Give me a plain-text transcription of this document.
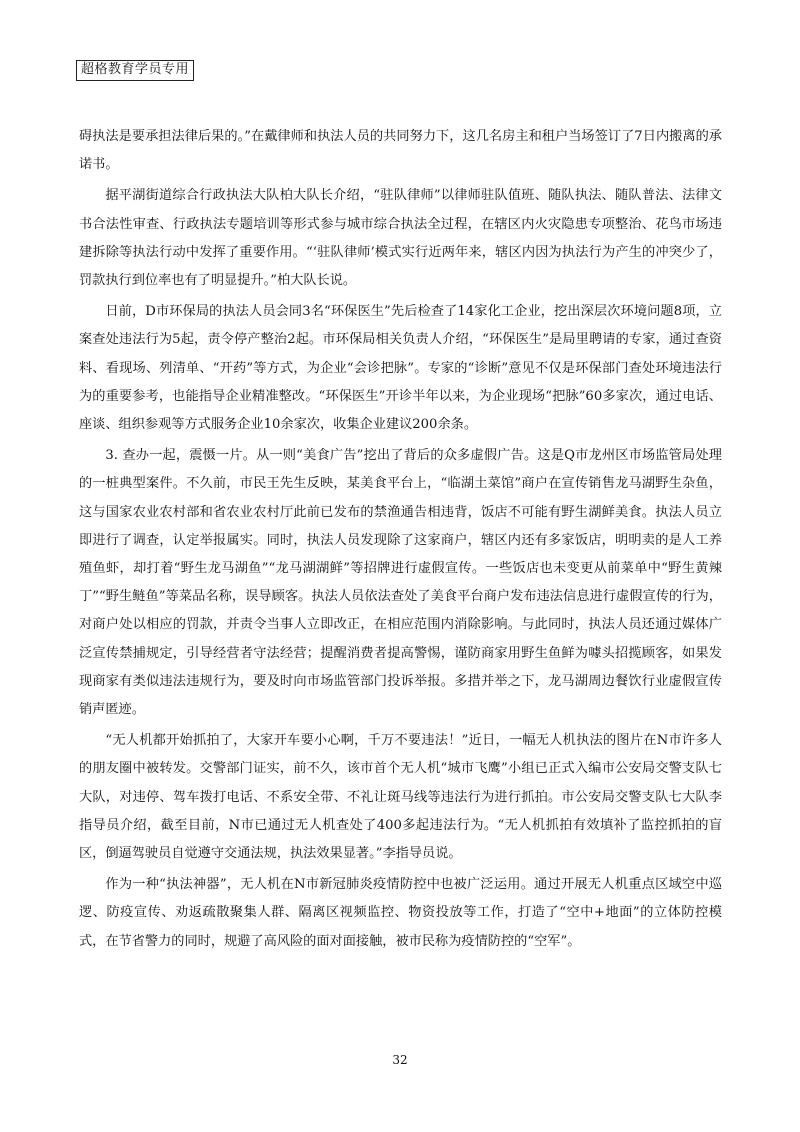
超格教育学员专用

碍执法是要承担法律后果的。”在戴律师和执法人员的共同努力下，这几名房主和租户当场签订了7日内搬离的承诺书。

据平湖街道综合行政执法大队柏大队长介绍，“驻队律师”以律师驻队值班、随队执法、随队普法、法律文书合法性审查、行政执法专题培训等形式参与城市综合执法全过程，在辖区内火灾隐患专项整治、花鸟市场违建拆除等执法行动中发挥了重要作用。“‘驻队律师’模式实行近两年来，辖区内因为执法行为产生的冲突少了，罚款执行到位率也有了明显提升。”柏大队长说。

日前，D市环保局的执法人员会同3名“环保医生”先后检查了14家化工企业，挖出深层次环境问题8项，立案查处违法行为5起，责令停产整治2起。市环保局相关负责人介绍，“环保医生”是局里聘请的专家，通过查资料、看现场、列清单、“开药”等方式，为企业“会诊把脉”。专家的“诊断”意见不仅是环保部门查处环境违法行为的重要参考，也能指导企业精准整改。“环保医生”开诊半年以来，为企业现场“把脉”60多家次，通过电话、座谈、组织参观等方式服务企业10余家次，收集企业建议200余条。

3. 查办一起，震慑一片。从一则“美食广告”挖出了背后的众多虚假广告。这是Q市龙州区市场监管局处理的一桩典型案件。不久前，市民王先生反映，某美食平台上，“临湖土菜馆”商户在宣传销售龙马湖野生杂鱼，这与国家农业农村部和省农业农村厅此前已发布的禁渔通告相违背，饭店不可能有野生湖鲜美食。执法人员立即进行了调查，认定举报属实。同时，执法人员发现除了这家商户，辖区内还有多家饭店，明明卖的是人工养殖鱼虾，却打着“野生龙马湖鱼”“龙马湖湖鲜”等招牌进行虚假宣传。一些饭店也未变更从前菜单中“野生黄辣丁”“野生鲢鱼”等菜品名称，误导顾客。执法人员依法查处了美食平台商户发布违法信息进行虚假宣传的行为，对商户处以相应的罚款，并责令当事人立即改正，在相应范围内消除影响。与此同时，执法人员还通过媒体广泛宣传禁捕规定，引导经营者守法经营；提醒消费者提高警惕，谨防商家用野生鱼鲜为噱头招揽顾客，如果发现商家有类似违法违规行为，要及时向市场监管部门投诉举报。多措并举之下，龙马湖周边餐饮行业虚假宣传销声匿迹。

“无人机都开始抓拍了，大家开车要小心啊，千万不要违法！”近日，一幅无人机执法的图片在N市许多人的朋友圈中被转发。交警部门证实，前不久，该市首个无人机“城市飞鹰”小组已正式入编市公安局交警支队七大队，对违停、驾车拨打电话、不系安全带、不礼让斑马线等违法行为进行抓拍。市公安局交警支队七大队李指导员介绍，截至目前，N市已通过无人机查处了400多起违法行为。“无人机抓拍有效填补了监控抓拍的盲区，倒逼驾驶员自觉遵守交通法规，执法效果显著。”李指导员说。

作为一种“执法神器”，无人机在N市新冠肺炎疫情防控中也被广泛运用。通过开展无人机重点区域空中巡逻、防疫宣传、劝返疏散聚集人群、隔离区视频监控、物资投放等工作，打造了“空中+地面”的立体防控模式，在节省警力的同时，规避了高风险的面对面接触，被市民称为疫情防控的“空军”。

32
